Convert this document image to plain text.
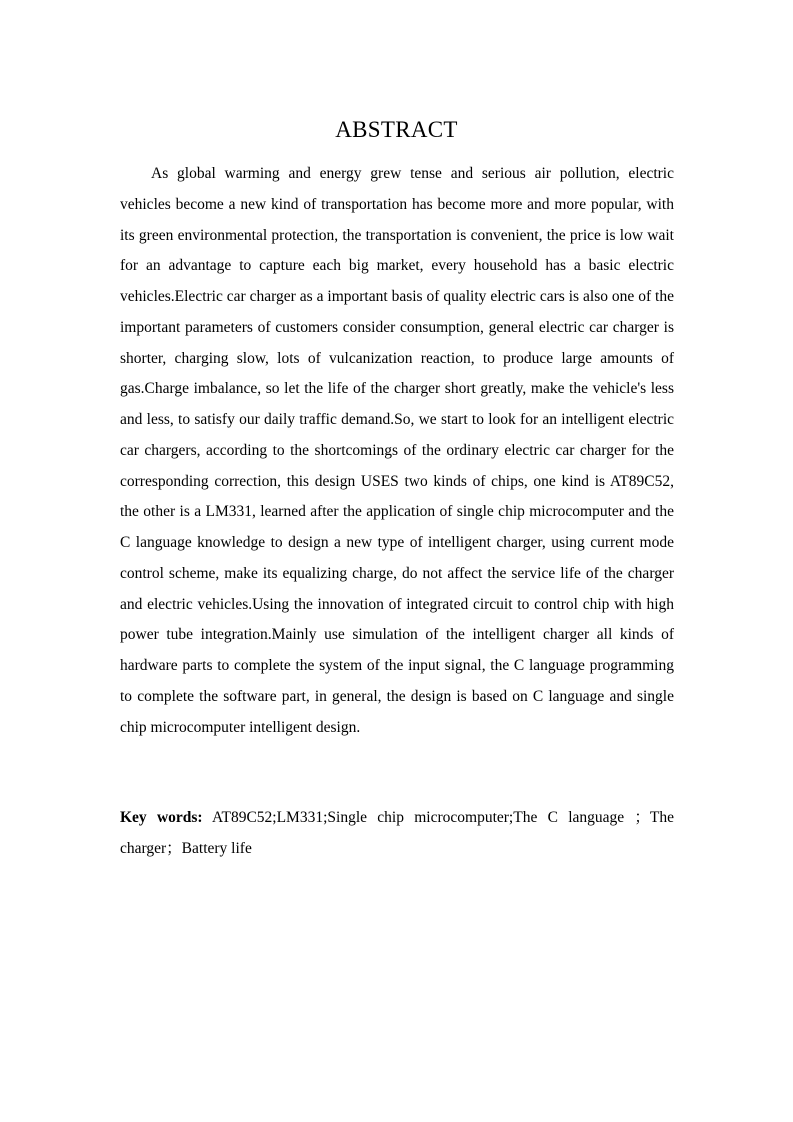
ABSTRACT

As global warming and energy grew tense and serious air pollution, electric vehicles become a new kind of transportation has become more and more popular, with its green environmental protection, the transportation is convenient, the price is low wait for an advantage to capture each big market, every household has a basic electric vehicles.Electric car charger as a important basis of quality electric cars is also one of the important parameters of customers consider consumption, general electric car charger is shorter, charging slow, lots of vulcanization reaction, to produce large amounts of gas.Charge imbalance, so let the life of the charger short greatly, make the vehicle's less and less, to satisfy our daily traffic demand.So, we start to look for an intelligent electric car chargers, according to the shortcomings of the ordinary electric car charger for the corresponding correction, this design USES two kinds of chips, one kind is AT89C52, the other is a LM331, learned after the application of single chip microcomputer and the C language knowledge to design a new type of intelligent charger, using current mode control scheme, make its equalizing charge, do not affect the service life of the charger and electric vehicles.Using the innovation of integrated circuit to control chip with high power tube integration.Mainly use simulation of the intelligent charger all kinds of hardware parts to complete the system of the input signal, the C language programming to complete the software part, in general, the design is based on C language and single chip microcomputer intelligent design.

Key words: AT89C52;LM331;Single chip microcomputer;The C language ；The charger；Battery life
